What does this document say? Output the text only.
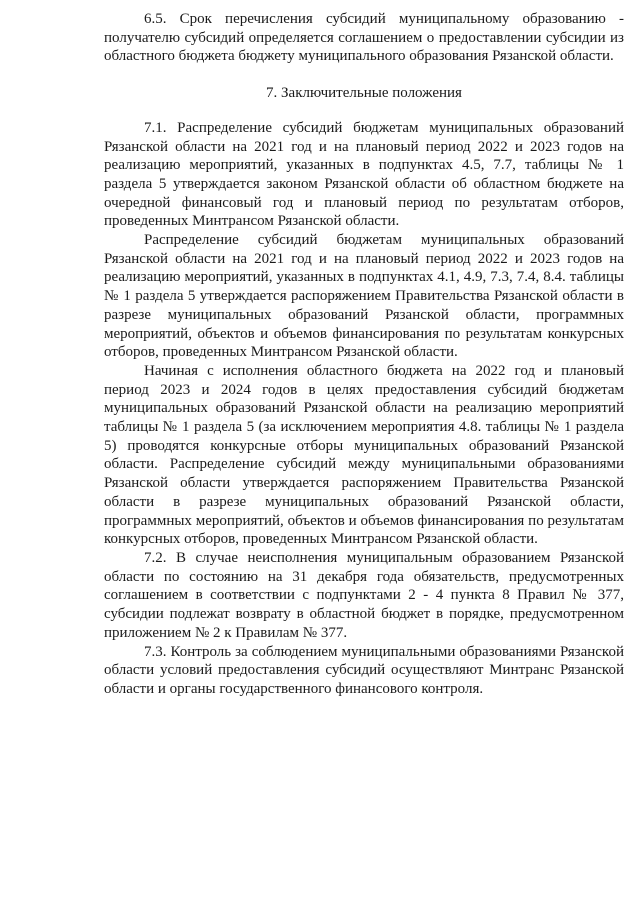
6.5. Срок перечисления субсидий муниципальному образованию - получателю субсидий определяется соглашением о предоставлении субсидии из областного бюджета бюджету муниципального образования Рязанской области.

7. Заключительные положения

7.1. Распределение субсидий бюджетам муниципальных образований Рязанской области на 2021 год и на плановый период 2022 и 2023 годов на реализацию мероприятий, указанных в подпунктах 4.5, 7.7, таблицы № 1 раздела 5 утверждается законом Рязанской области об областном бюджете на очередной финансовый год и плановый период по результатам отборов, проведенных Минтрансом Рязанской области.

Распределение субсидий бюджетам муниципальных образований Рязанской области на 2021 год и на плановый период 2022 и 2023 годов на реализацию мероприятий, указанных в подпунктах 4.1, 4.9, 7.3, 7.4, 8.4. таблицы № 1 раздела 5 утверждается распоряжением Правительства Рязанской области в разрезе муниципальных образований Рязанской области, программных мероприятий, объектов и объемов финансирования по результатам конкурсных отборов, проведенных Минтрансом Рязанской области.

Начиная с исполнения областного бюджета на 2022 год и плановый период 2023 и 2024 годов в целях предоставления субсидий бюджетам муниципальных образований Рязанской области на реализацию мероприятий таблицы № 1 раздела 5 (за исключением мероприятия 4.8. таблицы № 1 раздела 5) проводятся конкурсные отборы муниципальных образований Рязанской области. Распределение субсидий между муниципальными образованиями Рязанской области утверждается распоряжением Правительства Рязанской области в разрезе муниципальных образований Рязанской области, программных мероприятий, объектов и объемов финансирования по результатам конкурсных отборов, проведенных Минтрансом Рязанской области.

7.2. В случае неисполнения муниципальным образованием Рязанской области по состоянию на 31 декабря года обязательств, предусмотренных соглашением в соответствии с подпунктами 2 - 4 пункта 8 Правил № 377, субсидии подлежат возврату в областной бюджет в порядке, предусмотренном приложением № 2 к Правилам № 377.

7.3. Контроль за соблюдением муниципальными образованиями Рязанской области условий предоставления субсидий осуществляют Минтранс Рязанской области и органы государственного финансового контроля.
